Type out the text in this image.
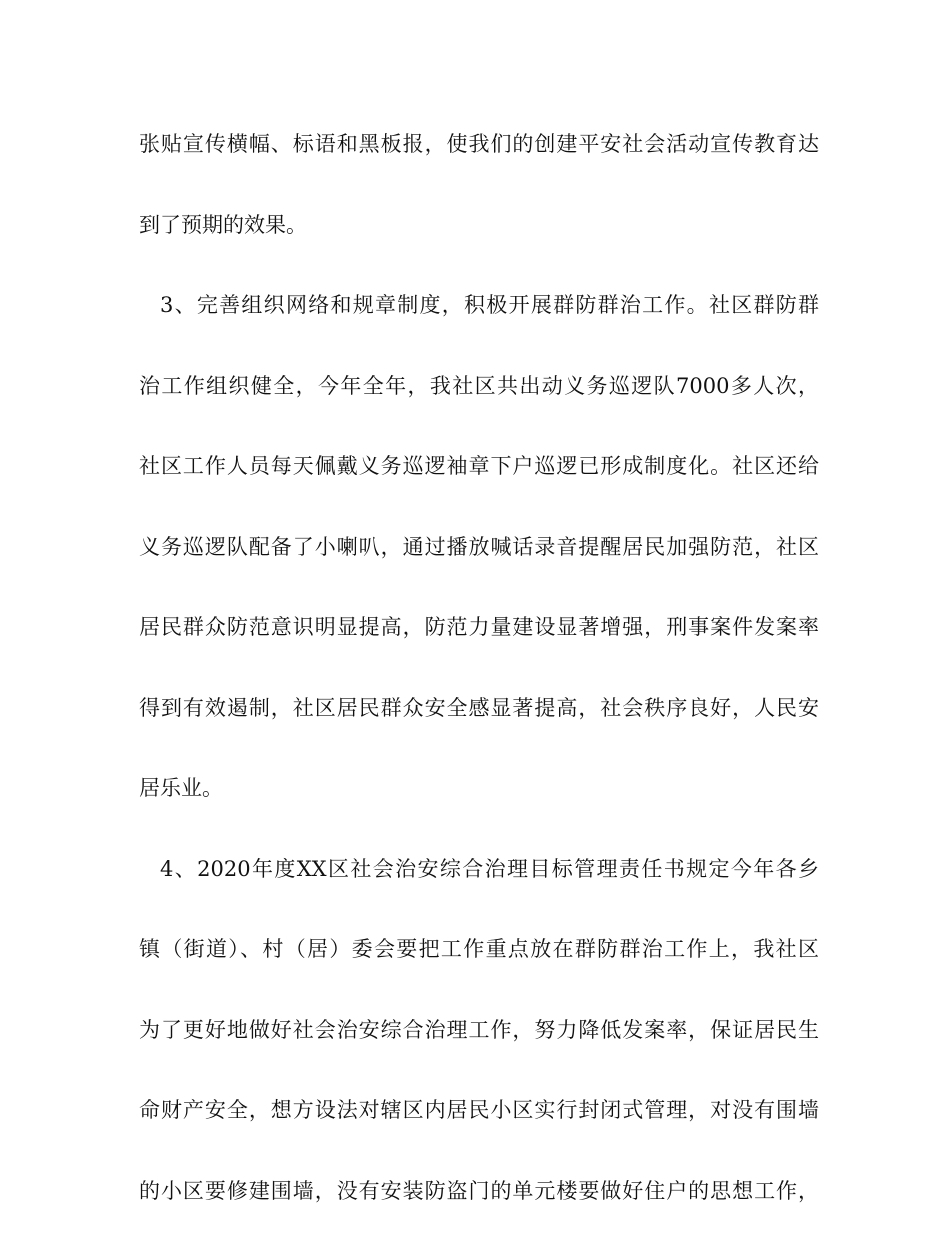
张贴宣传横幅、标语和黑板报，使我们的创建平安社会活动宣传教育达
到了预期的效果。
3、完善组织网络和规章制度，积极开展群防群治工作。社区群防群
治工作组织健全，今年全年，我社区共出动义务巡逻队7000多人次，
社区工作人员每天佩戴义务巡逻袖章下户巡逻已形成制度化。社区还给
义务巡逻队配备了小喇叭，通过播放喊话录音提醒居民加强防范，社区
居民群众防范意识明显提高，防范力量建设显著增强，刑事案件发案率
得到有效遏制，社区居民群众安全感显著提高，社会秩序良好，人民安
居乐业。
4、2020年度XX区社会治安综合治理目标管理责任书规定今年各乡
镇（街道）、村（居）委会要把工作重点放在群防群治工作上，我社区
为了更好地做好社会治安综合治理工作，努力降低发案率，保证居民生
命财产安全，想方设法对辖区内居民小区实行封闭式管理，对没有围墙
的小区要修建围墙，没有安装防盗门的单元楼要做好住户的思想工作，
